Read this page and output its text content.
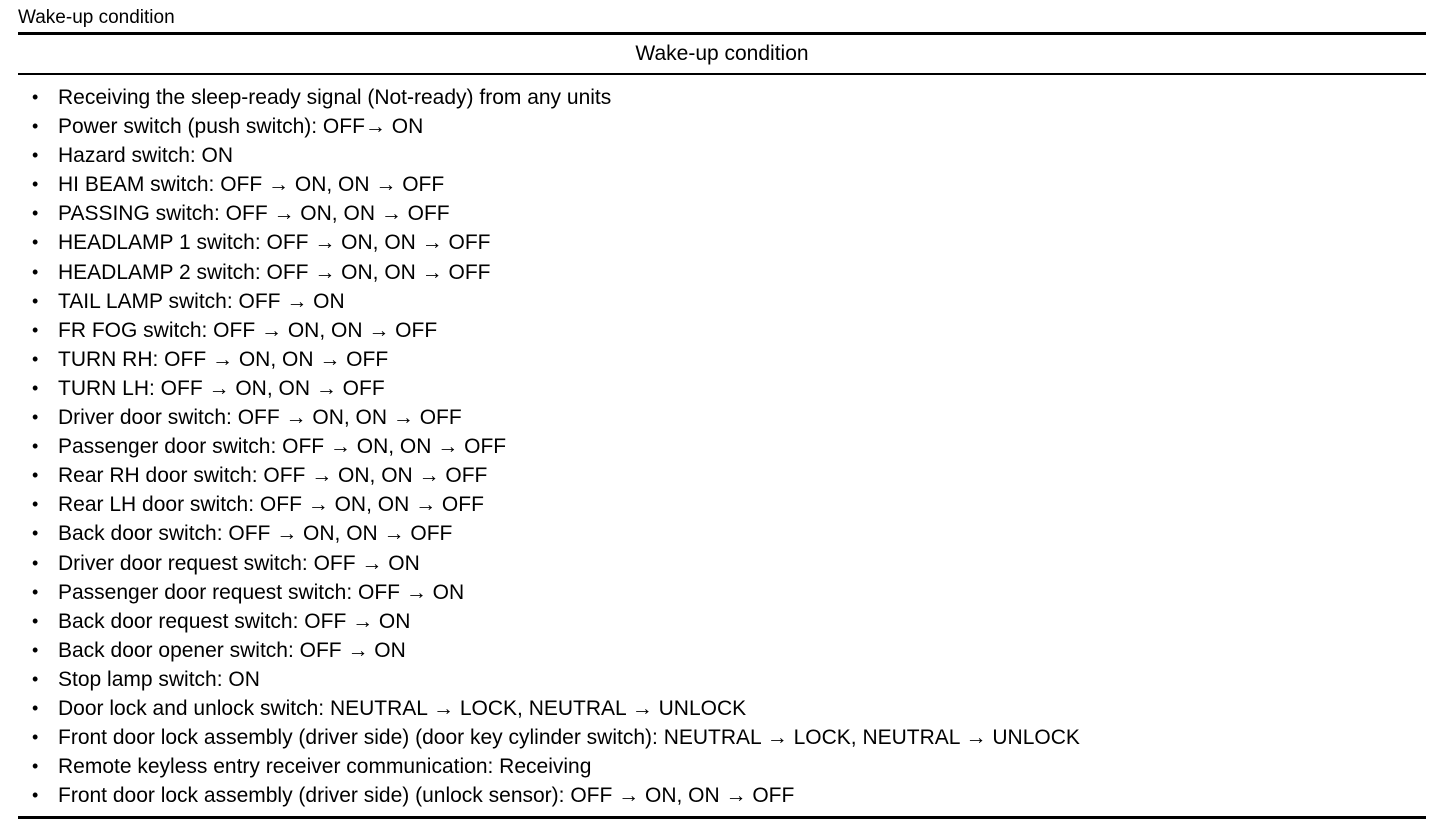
Wake-up condition
Wake-up condition
• Receiving the sleep-ready signal (Not-ready) from any units
• Power switch (push switch): OFF→ ON
• Hazard switch: ON
• HI BEAM switch: OFF → ON, ON → OFF
• PASSING switch: OFF → ON, ON → OFF
• HEADLAMP 1 switch: OFF → ON, ON → OFF
• HEADLAMP 2 switch: OFF → ON, ON → OFF
• TAIL LAMP switch: OFF → ON
• FR FOG switch: OFF → ON, ON → OFF
• TURN RH: OFF → ON, ON → OFF
• TURN LH: OFF → ON, ON → OFF
• Driver door switch: OFF → ON, ON → OFF
• Passenger door switch: OFF → ON, ON → OFF
• Rear RH door switch: OFF → ON, ON → OFF
• Rear LH door switch: OFF → ON, ON → OFF
• Back door switch: OFF → ON, ON → OFF
• Driver door request switch: OFF → ON
• Passenger door request switch: OFF → ON
• Back door request switch: OFF → ON
• Back door opener switch: OFF → ON
• Stop lamp switch: ON
• Door lock and unlock switch: NEUTRAL → LOCK, NEUTRAL → UNLOCK
• Front door lock assembly (driver side) (door key cylinder switch): NEUTRAL → LOCK, NEUTRAL → UNLOCK
• Remote keyless entry receiver communication: Receiving
• Front door lock assembly (driver side) (unlock sensor): OFF → ON, ON → OFF
